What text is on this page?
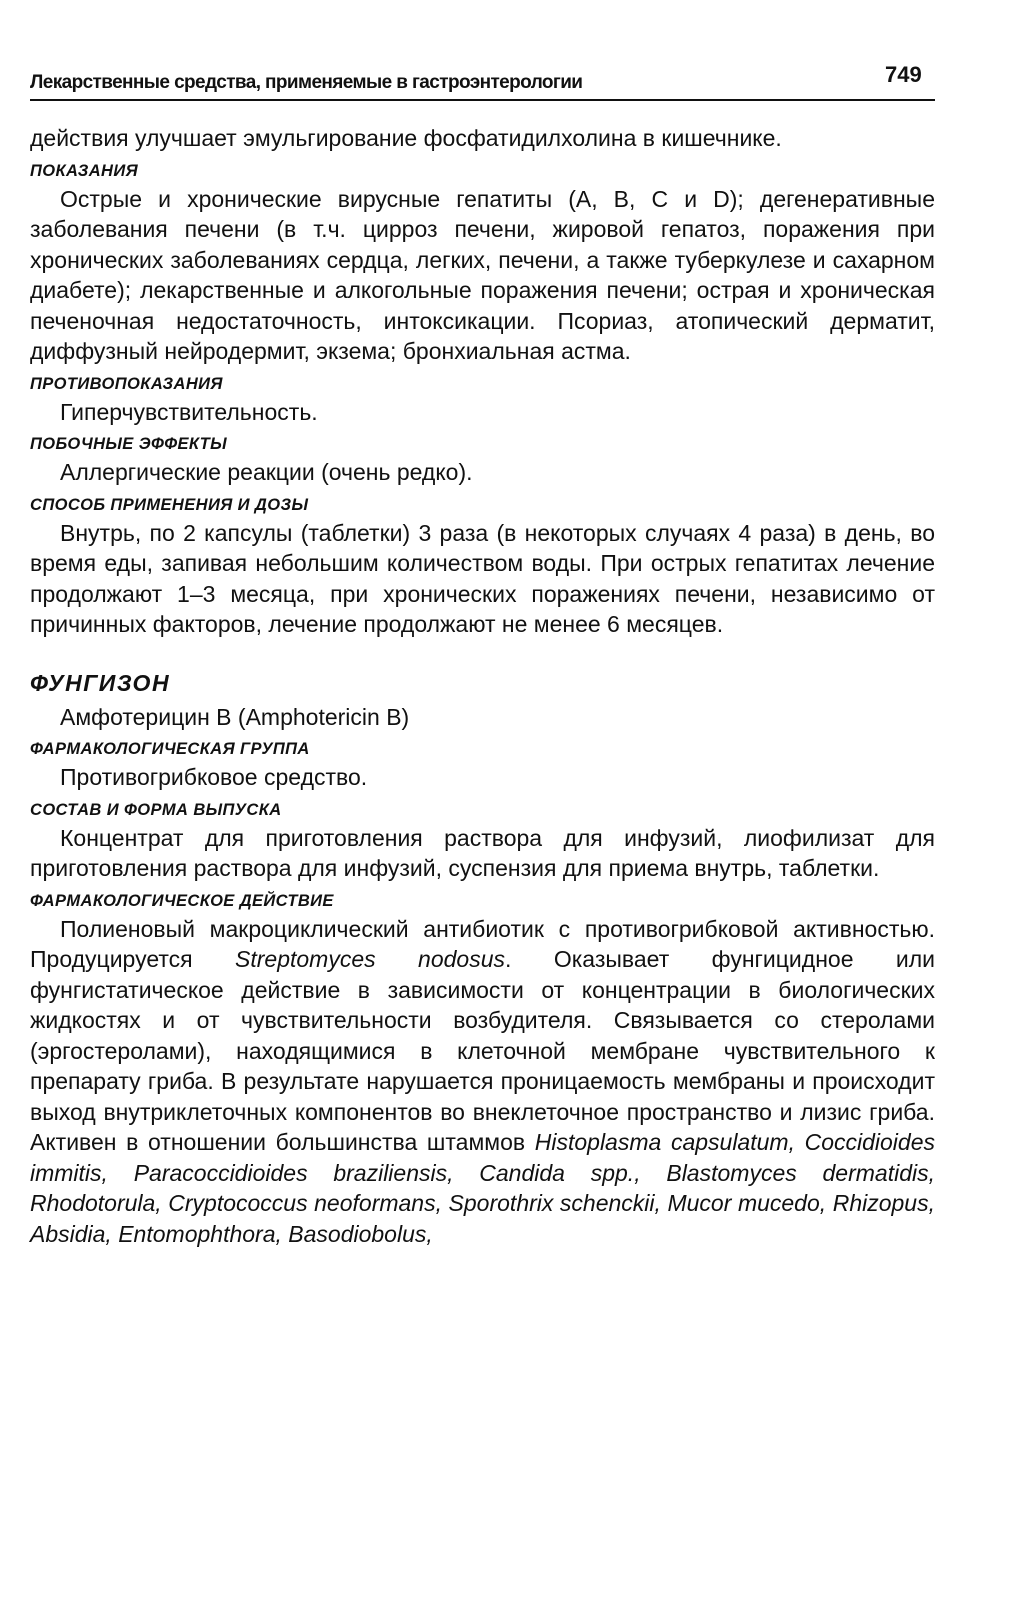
Лекарственные средства, применяемые в гастроэнтерологии	749

действия улучшает эмульгирование фосфатидилхолина в кишечнике.

ПОКАЗАНИЯ

Острые и хронические вирусные гепатиты (А, В, С и D); дегенеративные заболевания печени (в т.ч. цирроз печени, жировой гепатоз, поражения при хронических заболеваниях сердца, легких, печени, а также туберкулезе и сахарном диабете); лекарственные и алкогольные поражения печени; острая и хроническая печеночная недостаточность, интоксикации. Псориаз, атопический дерматит, диффузный нейродермит, экзема; бронхиальная астма.

ПРОТИВОПОКАЗАНИЯ

Гиперчувствительность.

ПОБОЧНЫЕ ЭФФЕКТЫ

Аллергические реакции (очень редко).

СПОСОБ ПРИМЕНЕНИЯ И ДОЗЫ

Внутрь, по 2 капсулы (таблетки) 3 раза (в некоторых случаях 4 раза) в день, во время еды, запивая небольшим количеством воды. При острых гепатитах лечение продолжают 1–3 месяца, при хронических поражениях печени, независимо от причинных факторов, лечение продолжают не менее 6 месяцев.

ФУНГИЗОН

Амфотерицин В (Amphotericin B)

ФАРМАКОЛОГИЧЕСКАЯ ГРУППА

Противогрибковое средство.

СОСТАВ И ФОРМА ВЫПУСКА

Концентрат для приготовления раствора для инфузий, лиофилизат для приготовления раствора для инфузий, суспензия для приема внутрь, таблетки.

ФАРМАКОЛОГИЧЕСКОЕ ДЕЙСТВИЕ

Полиеновый макроциклический антибиотик с противогрибковой активностью. Продуцируется Streptomyces nodosus. Оказывает фунгицидное или фунгистатическое действие в зависимости от концентрации в биологических жидкостях и от чувствительности возбудителя. Связывается со стеролами (эргостеролами), находящимися в клеточной мембране чувствительного к препарату гриба. В результате нарушается проницаемость мембраны и происходит выход внутриклеточных компонентов во внеклеточное пространство и лизис гриба. Активен в отношении большинства штаммов Histoplasma capsulatum, Coccidioides immitis, Paracoccidioides braziliensis, Candida spp., Blastomyces dermatidis, Rhodotorula, Cryptococcus neoformans, Sporothrix schenckii, Mucor mucedo, Rhizopus, Absidia, Entomophthora, Basodiobolus,
